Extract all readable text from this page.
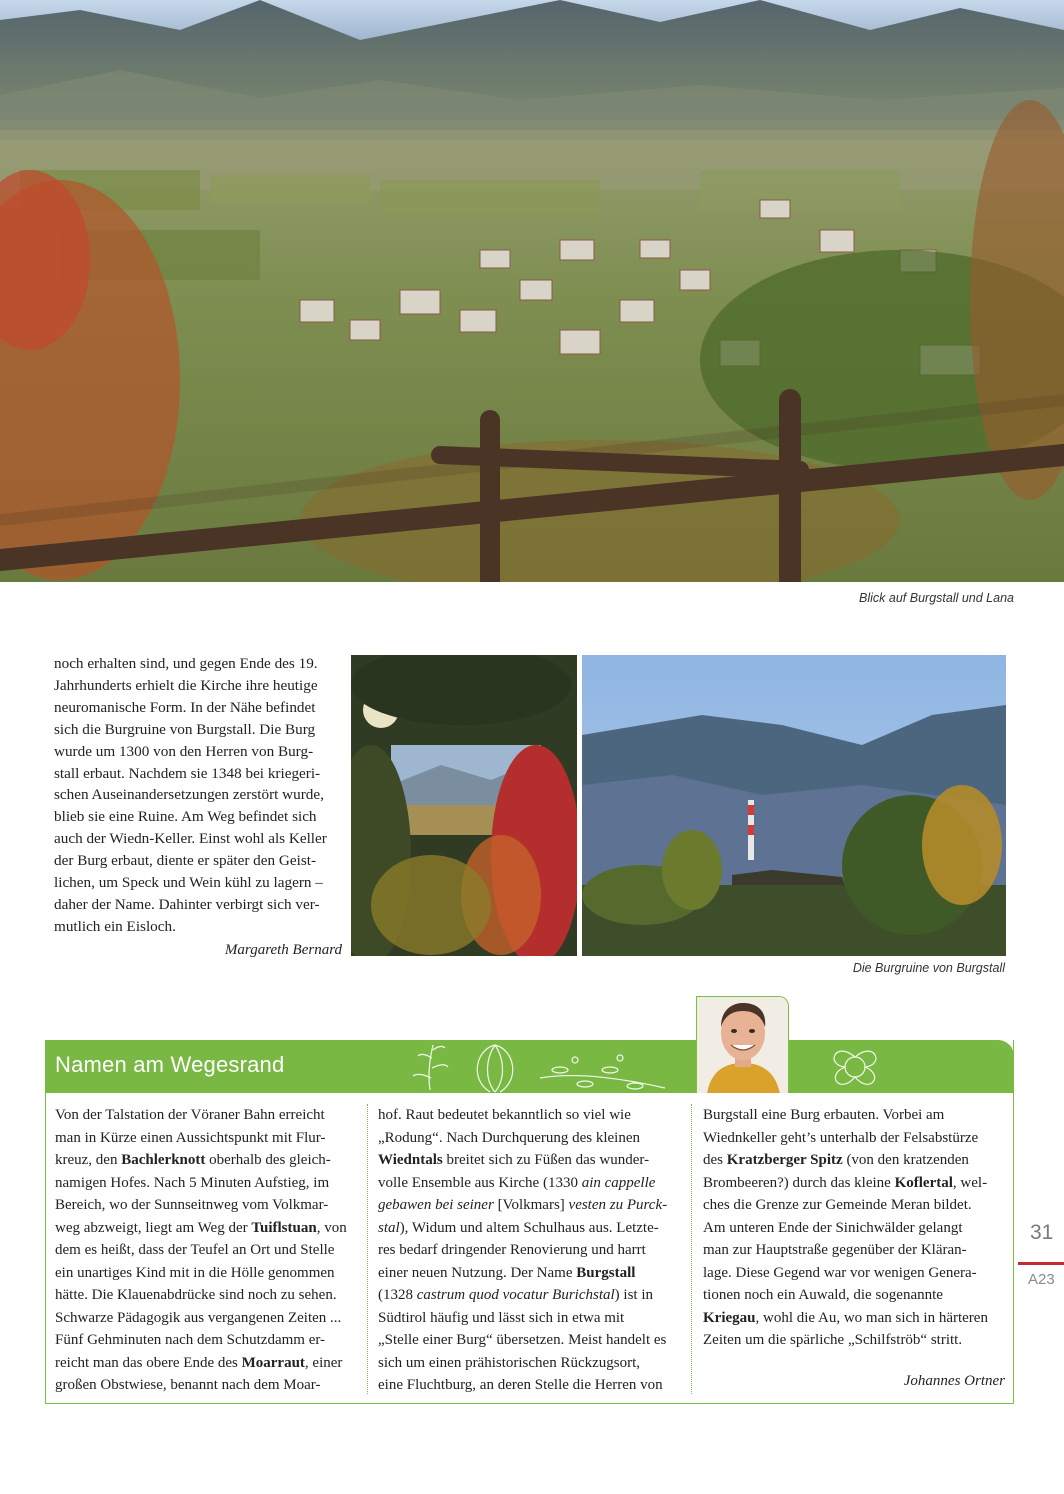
Blick auf Burgstall und Lana

noch erhalten sind, und gegen Ende des 19.

Jahrhunderts erhielt die Kirche ihre heutige

neuromanische Form. In der Nähe befindet

sich die Burgruine von Burgstall. Die Burg

wurde um 1300 von den Herren von Burg-

stall erbaut. Nachdem sie 1348 bei kriegeri-

schen Auseinandersetzungen zerstört wurde,

blieb sie eine Ruine. Am Weg befindet sich

auch der Wiedn-Keller. Einst wohl als Keller

der Burg erbaut, diente er später den Geist-

lichen, um Speck und Wein kühl zu lagern –

daher der Name. Dahinter verbirgt sich ver-

mutlich ein Eisloch.

Margareth Bernard
Die Burgruine von Burgstall
Namen am Wegesrand
Von der Talstation der Vöraner Bahn erreicht
man in Kürze einen Aussichtspunkt mit Flur-
kreuz, den Bachlerknott oberhalb des gleich-
namigen Hofes. Nach 5 Minuten Aufstieg, im
Bereich, wo der Sunnseitnweg vom Volkmar-
weg abzweigt, liegt am Weg der Tuiflstuan, von
dem es heißt, dass der Teufel an Ort und Stelle
ein unartiges Kind mit in die Hölle genommen
hätte. Die Klauenabdrücke sind noch zu sehen.
Schwarze Pädagogik aus vergangenen Zeiten ...
Fünf Gehminuten nach dem Schutzdamm er-
reicht man das obere Ende des Moarraut, einer
großen Obstwiese, benannt nach dem Moar-
hof. Raut bedeutet bekanntlich so viel wie
„Rodung“. Nach Durchquerung des kleinen
Wiedntals breitet sich zu Füßen das wunder-
volle Ensemble aus Kirche (1330 ain cappelle
gebawen bei seiner [Volkmars] vesten zu Purck-
stal), Widum und altem Schulhaus aus. Letzte-
res bedarf dringender Renovierung und harrt
einer neuen Nutzung. Der Name Burgstall
(1328 castrum quod vocatur Burichstal) ist in
Südtirol häufig und lässt sich in etwa mit
„Stelle einer Burg“ übersetzen. Meist handelt es
sich um einen prähistorischen Rückzugsort,
eine Fluchtburg, an deren Stelle die Herren von
Burgstall eine Burg erbauten. Vorbei am
Wiednkeller geht’s unterhalb der Felsabstürze
des Kratzberger Spitz (von den kratzenden
Brombeeren?) durch das kleine Koflertal, wel-
ches die Grenze zur Gemeinde Meran bildet.
Am unteren Ende der Sinichwälder gelangt
man zur Hauptstraße gegenüber der Kläran-
lage. Diese Gegend war vor wenigen Genera-
tionen noch ein Auwald, die sogenannte
Kriegau, wohl die Au, wo man sich in härteren
Zeiten um die spärliche „Schilfströb“ stritt.
Johannes Ortner
31
A23
